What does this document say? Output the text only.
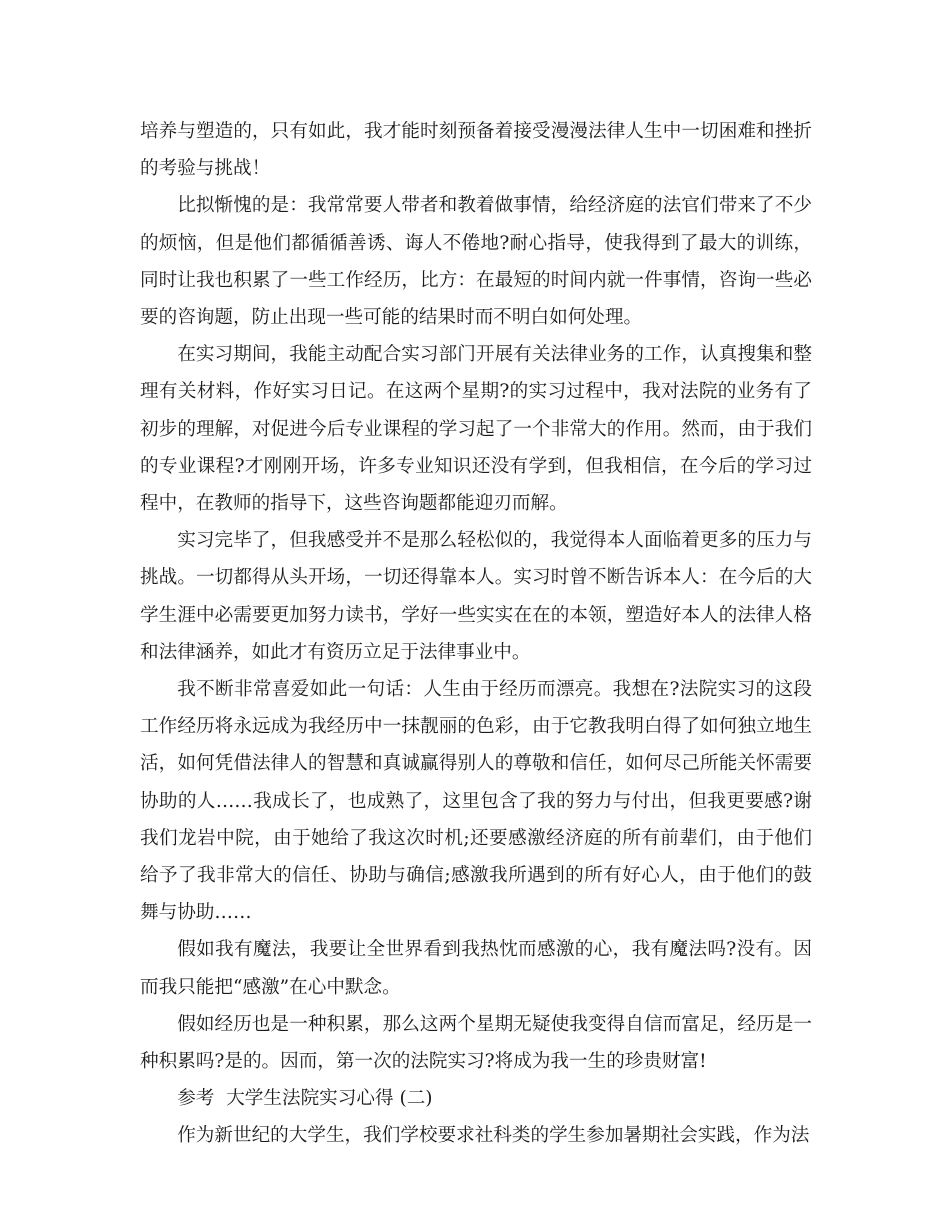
培养与塑造的，只有如此，我才能时刻预备着接受漫漫法律人生中一切困难和挫折的考验与挑战！

比拟惭愧的是：我常常要人带者和教着做事情，给经济庭的法官们带来了不少的烦恼，但是他们都循循善诱、诲人不倦地?耐心指导，使我得到了最大的训练，同时让我也积累了一些工作经历，比方：在最短的时间内就一件事情，咨询一些必要的咨询题，防止出现一些可能的结果时而不明白如何处理。

在实习期间，我能主动配合实习部门开展有关法律业务的工作，认真搜集和整理有关材料，作好实习日记。在这两个星期?的实习过程中，我对法院的业务有了初步的理解，对促进今后专业课程的学习起了一个非常大的作用。然而，由于我们的专业课程?才刚刚开场，许多专业知识还没有学到，但我相信，在今后的学习过程中，在教师的指导下，这些咨询题都能迎刃而解。

实习完毕了，但我感受并不是那么轻松似的，我觉得本人面临着更多的压力与挑战。一切都得从头开场，一切还得靠本人。实习时曾不断告诉本人：在今后的大学生涯中必需要更加努力读书，学好一些实实在在的本领，塑造好本人的法律人格和法律涵养，如此才有资历立足于法律事业中。

我不断非常喜爱如此一句话：人生由于经历而漂亮。我想在?法院实习的这段工作经历将永远成为我经历中一抹靓丽的色彩，由于它教我明白得了如何独立地生活，如何凭借法律人的智慧和真诚赢得别人的尊敬和信任，如何尽己所能关怀需要协助的人……我成长了，也成熟了，这里包含了我的努力与付出，但我更要感?谢我们龙岩中院，由于她给了我这次时机;还要感激经济庭的所有前辈们，由于他们给予了我非常大的信任、协助与确信;感激我所遇到的所有好心人，由于他们的鼓舞与协助……

假如我有魔法，我要让全世界看到我热忱而感激的心，我有魔法吗?没有。因而我只能把“感激”在心中默念。

假如经历也是一种积累，那么这两个星期无疑使我变得自信而富足，经历是一种积累吗?是的。因而，第一次的法院实习?将成为我一生的珍贵财富!

参考  大学生法院实习心得 (二)

作为新世纪的大学生，我们学校要求社科类的学生参加暑期社会实践，作为法
